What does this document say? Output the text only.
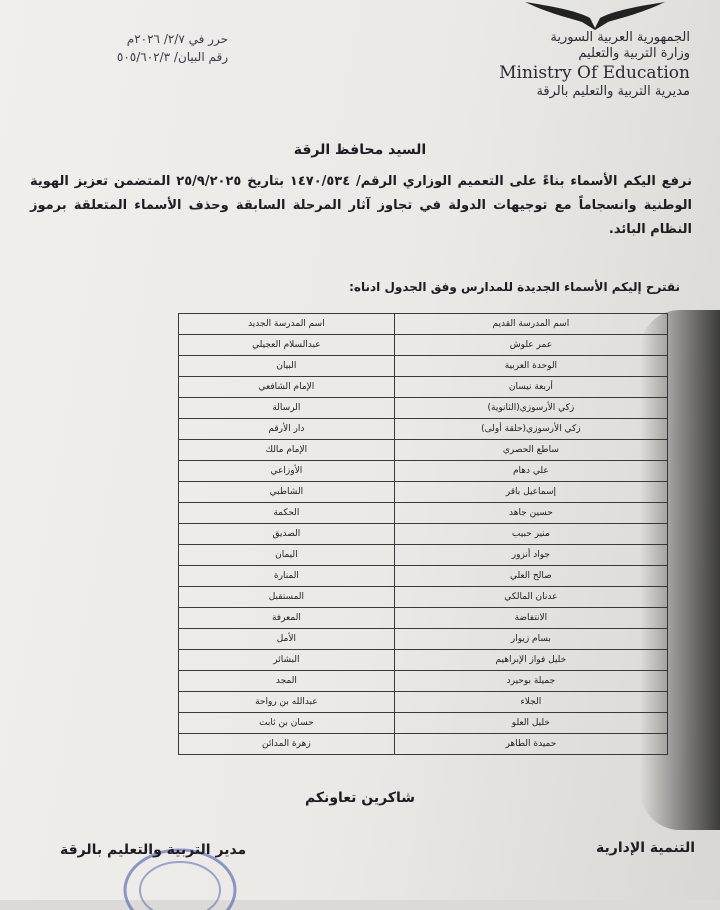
الجمهورية العربية السورية
وزارة التربية والتعليم
Ministry Of Education
مديرية التربية والتعليم بالرقة
حرر في ٢/٧/ ٢٠٢٦م
رقم البيان/ ٥٠٥/٦٠٢/٣
السيد محافظ الرقة
نرفع اليكم الأسماء بناءً على التعميم الوزاري الرقم/ ١٤٧٠/٥٣٤ بتاريخ ٢٥/٩/٢٠٢٥ المتضمن تعزيز الهوية الوطنية وانسجاماً مع توجيهات الدولة في تجاوز آثار المرحلة السابقة وحذف الأسماء المتعلقة برموز النظام البائد.
نقترح إليكم الأسماء الجديدة للمدارس وفق الجدول ادناه:
اسم المدرسة القديم	اسم المدرسة الجديد
عمر علوش	عبدالسلام العجيلي
الوحدة العربية	البيان
أربعة نيسان	الإمام الشافعي
زكي الأرسوزي(الثانوية)	الرسالة
زكي الأرسوزي(حلقة أولى)	دار الأرقم
ساطع الحصري	الإمام مالك
علي دهام	الأوزاعي
إسماعيل باقر	الشاطبي
حسين جاهد	الحكمة
منير حبيب	الصديق
جواد أنزور	اليمان
صالح العلي	المنارة
عدنان المالكي	المستقبل
الانتفاضة	المعرفة
بسام زيوار	الأمل
خليل فواز الإبراهيم	البشائر
جميلة بوحيرد	المجد
الجلاء	عبدالله بن رواحة
خليل العلو	حسان بن ثابت
حميدة الطاهر	زهرة المدائن
شاكرين تعاونكم
مدير التربية والتعليم بالرقة	التنمية الإدارية
